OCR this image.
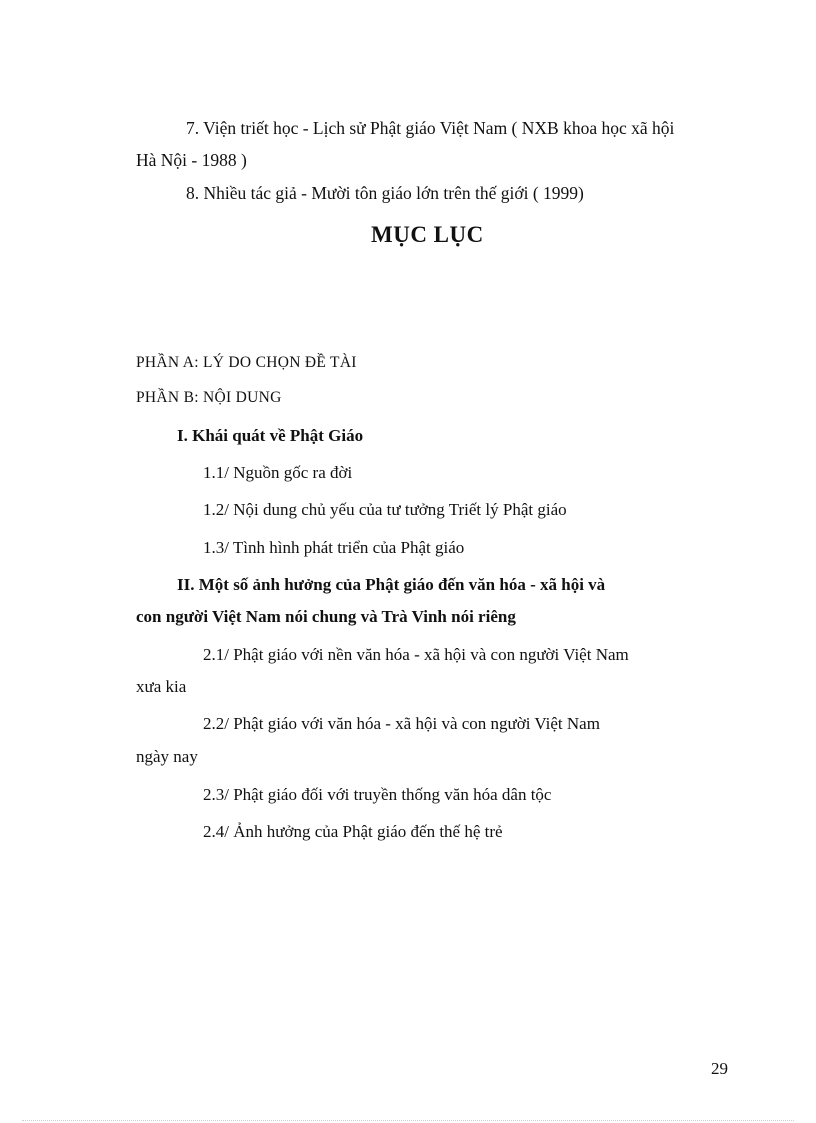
7. Viện triết học - Lịch sử Phật giáo Việt Nam ( NXB khoa học xã hội
Hà Nội - 1988 )
8. Nhiều tác giả - Mười tôn giáo lớn trên thế giới ( 1999)
MỤC LỤC
PHẦN A: LÝ DO CHỌN ĐỀ TÀI
PHẦN B: NỘI DUNG
I. Khái quát về Phật Giáo
1.1/ Nguồn gốc ra đời
1.2/ Nội dung chủ yếu của tư tưởng Triết lý Phật giáo
1.3/ Tình hình phát triển của Phật giáo
II. Một số ảnh hưởng của Phật giáo đến văn hóa - xã hội và
con người Việt Nam nói chung và Trà Vinh nói riêng
2.1/ Phật giáo với nền văn hóa - xã hội và con người Việt Nam
xưa kia
2.2/ Phật giáo với văn hóa - xã hội và con người Việt Nam
ngày nay
2.3/ Phật giáo đối với truyền thống văn hóa dân tộc
2.4/ Ảnh hưởng của Phật giáo đến thế hệ trẻ
29
